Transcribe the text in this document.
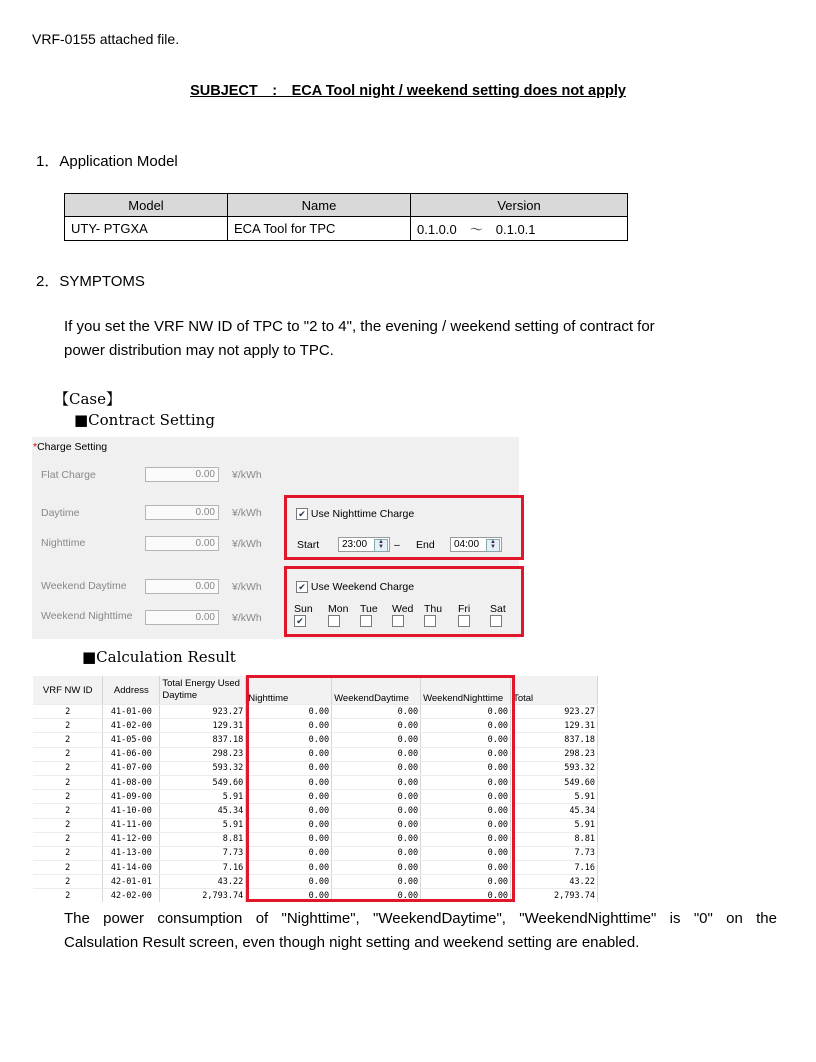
VRF-0155 attached file.
SUBJECT　:　ECA Tool night / weekend setting does not apply
1．Application Model
Model	Name	Version
UTY- PTGXA	ECA Tool for TPC	0.1.0.0　～　0.1.0.1
2．SYMPTOMS
If you set the VRF NW ID of TPC to "2 to 4", the evening / weekend setting of contract for
power distribution may not apply to TPC.
【Case】
■Contract Setting
*Charge Setting
Flat Charge	0.00	¥/kWh
Daytime	0.00	¥/kWh
Nighttime	0.00	¥/kWh
Weekend Daytime	0.00	¥/kWh
Weekend Nighttime	0.00	¥/kWh
✔ Use Nighttime Charge
Start	23:00	▲
▼ – End	04:00	▲
▼
✔ Use Weekend Charge
Sun
✔
Mon Tue Wed Thu Fri Sat
■Calculation Result
VRF NW ID	Address	Total Energy Used
Daytime	Nighttime	WeekendDaytime	WeekendNighttime	Total
2	41-01-00	923.27	0.00	0.00	0.00	923.27
2	41-02-00	129.31	0.00	0.00	0.00	129.31
2	41-05-00	837.18	0.00	0.00	0.00	837.18
2	41-06-00	298.23	0.00	0.00	0.00	298.23
2	41-07-00	593.32	0.00	0.00	0.00	593.32
2	41-08-00	549.60	0.00	0.00	0.00	549.60
2	41-09-00	5.91	0.00	0.00	0.00	5.91
2	41-10-00	45.34	0.00	0.00	0.00	45.34
2	41-11-00	5.91	0.00	0.00	0.00	5.91
2	41-12-00	8.81	0.00	0.00	0.00	8.81
2	41-13-00	7.73	0.00	0.00	0.00	7.73
2	41-14-00	7.16	0.00	0.00	0.00	7.16
2	42-01-01	43.22	0.00	0.00	0.00	43.22
2	42-02-00	2,793.74	0.00	0.00	0.00	2,793.74
The power consumption of "Nighttime", "WeekendDaytime", "WeekendNighttime" is "0" on the
Calsulation Result screen, even though night setting and weekend setting are enabled.
